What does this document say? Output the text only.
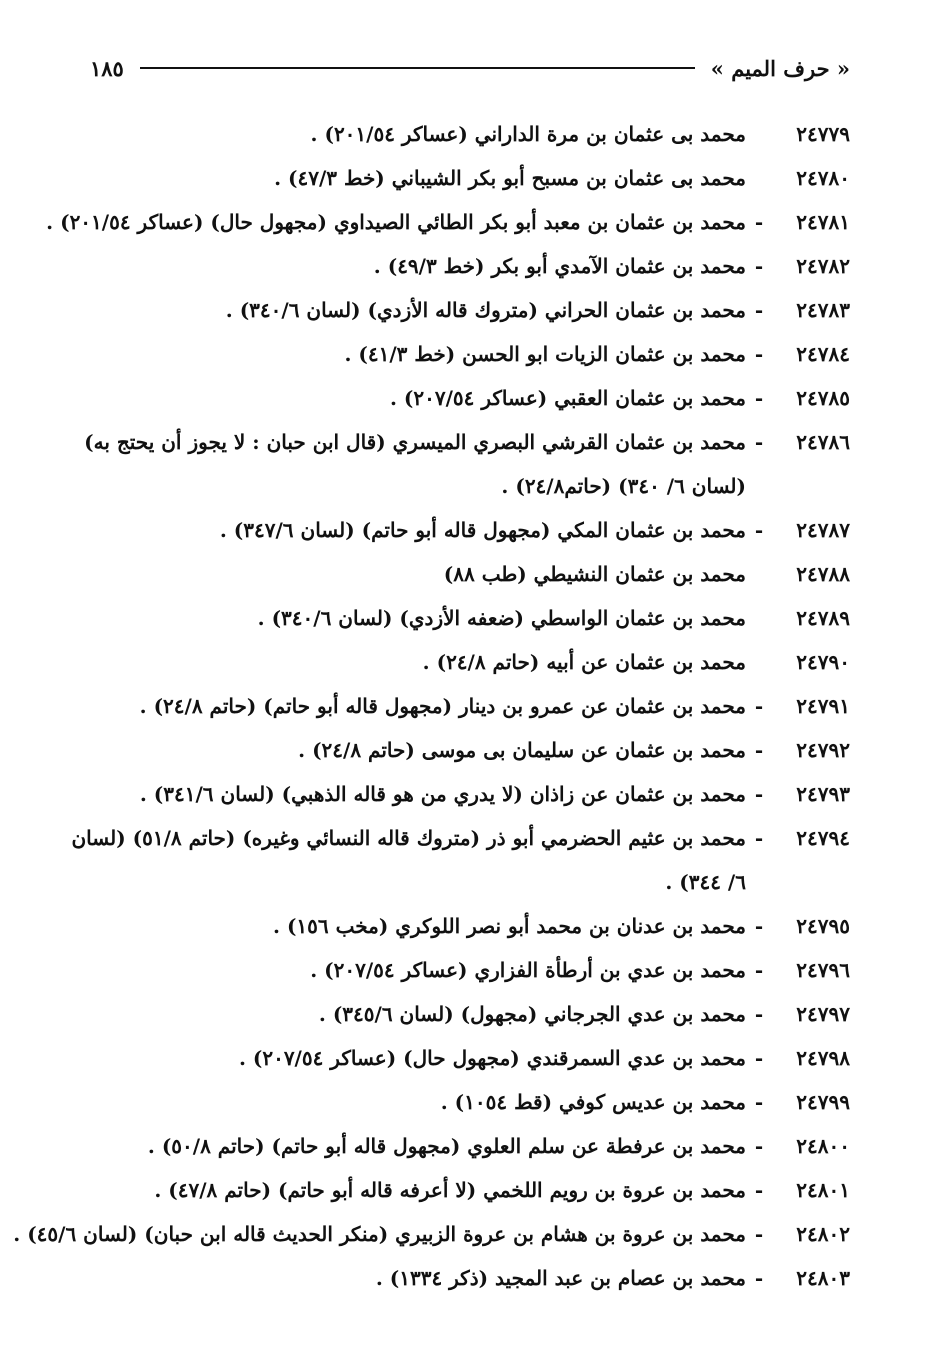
« حرف الميم »
١٨٥
٢٤٧٧٩
محمد بى عثمان بن مرة الداراني (عساكر ٢٠١/٥٤) .
٢٤٧٨٠
محمد بى عثمان بن مسبح أبو بكر الشيباني (خط ٤٧/٣) .
٢٤٧٨١
-
محمد بن عثمان بن معبد أبو بكر الطائي الصيداوي (مجهول حال) (عساكر ٢٠١/٥٤) .
٢٤٧٨٢
-
محمد بن عثمان الآمدي أبو بكر (خط ٤٩/٣) .
٢٤٧٨٣
-
محمد بن عثمان الحراني (متروك قاله الأزدي) (لسان ٣٤٠/٦) .
٢٤٧٨٤
-
محمد بن عثمان الزيات ابو الحسن (خط ٤١/٣) .
٢٤٧٨٥
-
محمد بن عثمان العقبي (عساكر ٢٠٧/٥٤) .
٢٤٧٨٦
-
محمد بن عثمان القرشي البصري الميسري (قال ابن حبان : لا يجوز أن يحتج به) (لسان ٦/ ٣٤٠) (حاتم٢٤/٨) .
٢٤٧٨٧
-
محمد بن عثمان المكي (مجهول قاله أبو حاتم) (لسان ٣٤٧/٦) .
٢٤٧٨٨
محمد بن عثمان النشيطي (طب ٨٨)
٢٤٧٨٩
محمد بن عثمان الواسطي (ضعفه الأزدي) (لسان ٣٤٠/٦) .
٢٤٧٩٠
محمد بن عثمان عن أبيه (حاتم ٢٤/٨) .
٢٤٧٩١
-
محمد بن عثمان عن عمرو بن دينار (مجهول قاله أبو حاتم) (حاتم ٢٤/٨) .
٢٤٧٩٢
-
محمد بن عثمان عن سليمان بى موسى (حاتم ٢٤/٨) .
٢٤٧٩٣
-
محمد بن عثمان عن زاذان (لا يدري من هو قاله الذهبي) (لسان ٣٤١/٦) .
٢٤٧٩٤
-
محمد بن عثيم الحضرمي أبو ذر (متروك قاله النسائي وغيره) (حاتم ٥١/٨) (لسان ٦/ ٣٤٤) .
٢٤٧٩٥
-
محمد بن عدنان بن محمد أبو نصر اللوكري (مخب ١٥٦) .
٢٤٧٩٦
-
محمد بن عدي بن أرطأة الفزاري (عساكر ٢٠٧/٥٤) .
٢٤٧٩٧
-
محمد بن عدي الجرجاني (مجهول) (لسان ٣٤٥/٦) .
٢٤٧٩٨
-
محمد بن عدي السمرقندي (مجهول حال) (عساكر ٢٠٧/٥٤) .
٢٤٧٩٩
-
محمد بن عديس كوفي (قط ١٠٥٤) .
٢٤٨٠٠
-
محمد بن عرفطة عن سلم العلوي (مجهول قاله أبو حاتم) (حاتم ٥٠/٨) .
٢٤٨٠١
-
محمد بن عروة بن رويم اللخمي (لا أعرفه قاله أبو حاتم) (حاتم ٤٧/٨) .
٢٤٨٠٢
-
محمد بن عروة بن هشام بن عروة الزبيري (منكر الحديث قاله ابن حبان) (لسان ٤٥/٦) .
٢٤٨٠٣
-
محمد بن عصام بن عبد المجيد (ذكر ١٣٣٤) .
